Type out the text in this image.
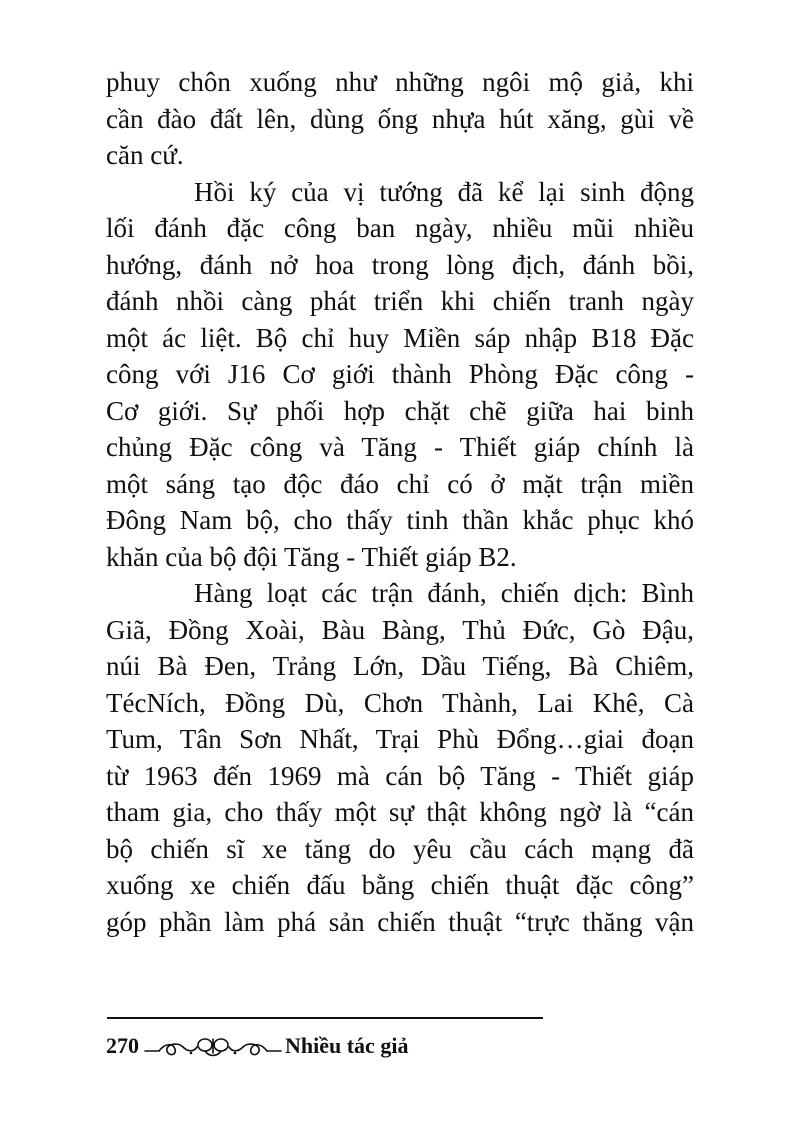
phuy chôn xuống như những ngôi mộ giả, khi
cần đào đất lên, dùng ống nhựa hút xăng, gùi về
căn cứ.

Hồi ký của vị tướng đã kể lại sinh động
lối đánh đặc công ban ngày, nhiều mũi nhiều
hướng, đánh nở hoa trong lòng địch, đánh bồi,
đánh nhồi càng phát triển khi chiến tranh ngày
một ác liệt. Bộ chỉ huy Miền sáp nhập B18 Đặc
công với J16 Cơ giới thành Phòng Đặc công -
Cơ giới. Sự phối hợp chặt chẽ giữa hai binh
chủng Đặc công và Tăng - Thiết giáp chính là
một sáng tạo độc đáo chỉ có ở mặt trận miền
Đông Nam bộ, cho thấy tinh thần khắc phục khó
khăn của bộ đội Tăng - Thiết giáp B2.

Hàng loạt các trận đánh, chiến dịch: Bình
Giã, Đồng Xoài, Bàu Bàng, Thủ Đức, Gò Đậu,
núi Bà Đen, Trảng Lớn, Dầu Tiếng, Bà Chiêm,
TécNích, Đồng Dù, Chơn Thành, Lai Khê, Cà
Tum, Tân Sơn Nhất, Trại Phù Đổng…giai đoạn
từ 1963 đến 1969 mà cán bộ Tăng - Thiết giáp
tham gia, cho thấy một sự thật không ngờ là “cán
bộ chiến sĩ xe tăng do yêu cầu cách mạng đã
xuống xe chiến đấu bằng chiến thuật đặc công”
góp phần làm phá sản chiến thuật “trực thăng vận

270	Nhiều tác giả
